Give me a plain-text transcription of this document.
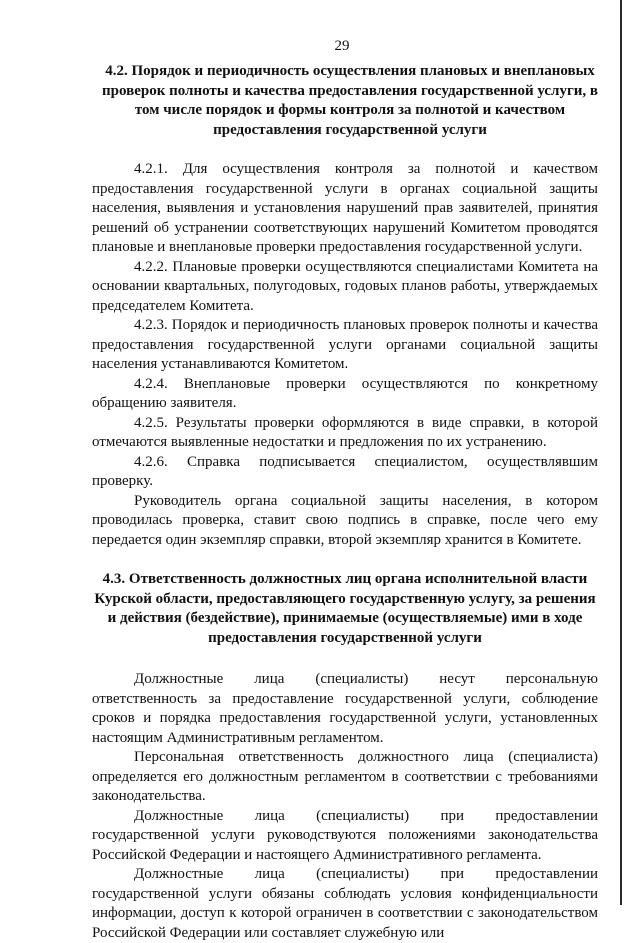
29

4.2. Порядок и периодичность осуществления плановых и внеплановых проверок полноты и качества предоставления государственной услуги, в том числе порядок и формы контроля за полнотой и качеством предоставления государственной услуги

4.2.1. Для осуществления контроля за полнотой и качеством предоставления государственной услуги в органах социальной защиты населения, выявления и установления нарушений прав заявителей, принятия решений об устранении соответствующих нарушений Комитетом проводятся плановые и внеплановые проверки предоставления государственной услуги.

4.2.2. Плановые проверки осуществляются специалистами Комитета на основании квартальных, полугодовых, годовых планов работы, утверждаемых председателем Комитета.

4.2.3. Порядок и периодичность плановых проверок полноты и качества предоставления государственной услуги органами социальной защиты населения устанавливаются Комитетом.

4.2.4. Внеплановые проверки осуществляются по конкретному обращению заявителя.

4.2.5. Результаты проверки оформляются в виде справки, в которой отмечаются выявленные недостатки и предложения по их устранению.

4.2.6. Справка подписывается специалистом, осуществлявшим проверку.

Руководитель органа социальной защиты населения, в котором проводилась проверка, ставит свою подпись в справке, после чего ему передается один экземпляр справки, второй экземпляр хранится в Комитете.

4.3. Ответственность должностных лиц органа исполнительной власти Курской области, предоставляющего государственную услугу, за решения и действия (бездействие), принимаемые (осуществляемые) ими в ходе предоставления государственной услуги

Должностные лица (специалисты) несут персональную ответственность за предоставление государственной услуги, соблюдение сроков и порядка предоставления государственной услуги, установленных настоящим Административным регламентом.

Персональная ответственность должностного лица (специалиста) определяется его должностным регламентом в соответствии с требованиями законодательства.

Должностные лица (специалисты) при предоставлении государственной услуги руководствуются положениями законодательства Российской Федерации и настоящего Административного регламента.

Должностные лица (специалисты) при предоставлении государственной услуги обязаны соблюдать условия конфиденциальности информации, доступ к которой ограничен в соответствии с законодательством Российской Федерации или составляет служебную или
